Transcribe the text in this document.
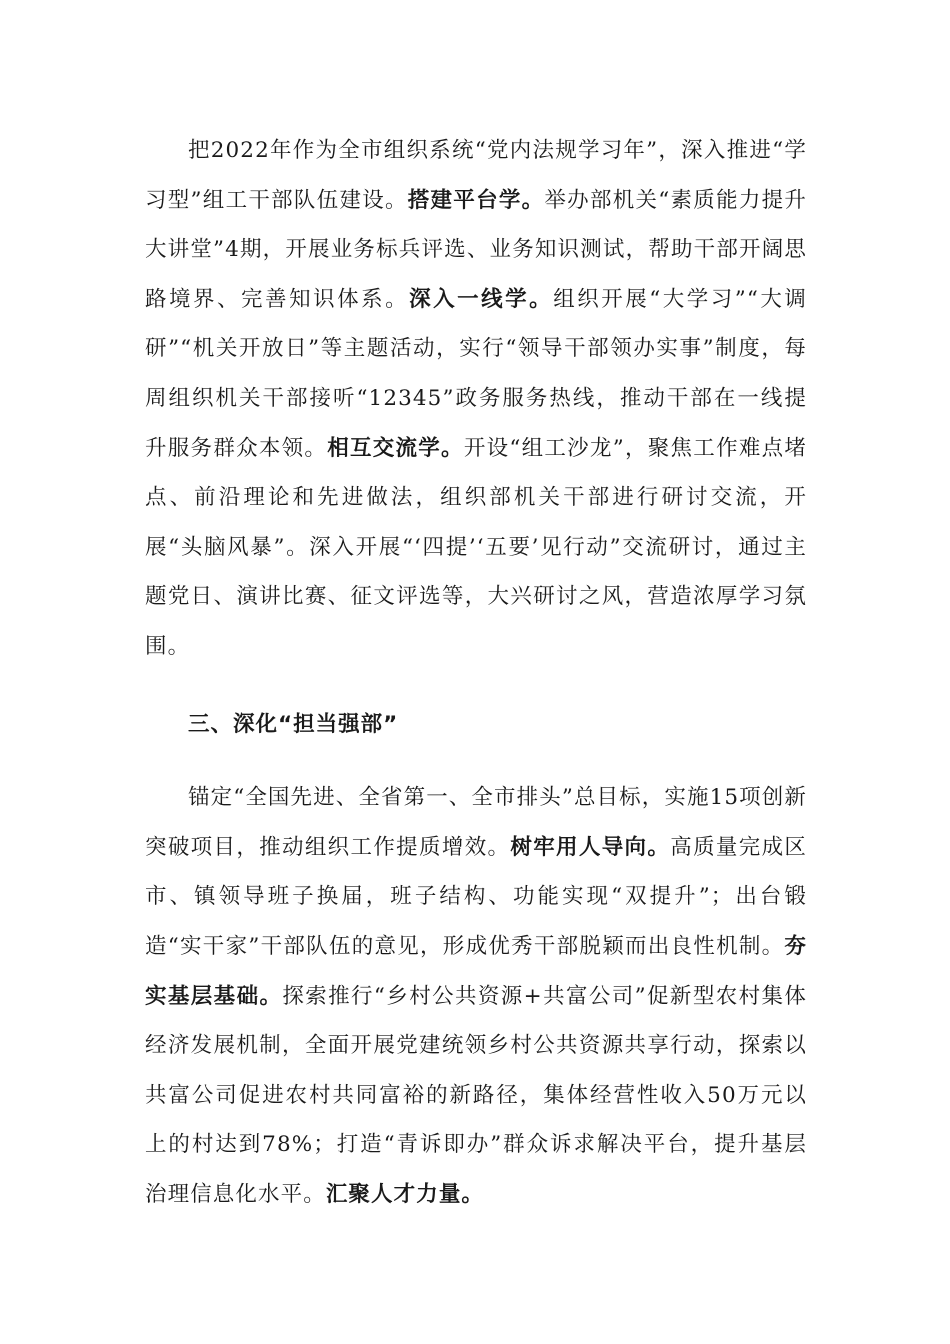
把2022年作为全市组织系统“党内法规学习年”，深入推进“学习型”组工干部队伍建设。搭建平台学。举办部机关“素质能力提升大讲堂”4期，开展业务标兵评选、业务知识测试，帮助干部开阔思路境界、完善知识体系。深入一线学。组织开展“大学习”“大调研”“机关开放日”等主题活动，实行“领导干部领办实事”制度，每周组织机关干部接听“12345”政务服务热线，推动干部在一线提升服务群众本领。相互交流学。开设“组工沙龙”，聚焦工作难点堵点、前沿理论和先进做法，组织部机关干部进行研讨交流，开展“头脑风暴”。深入开展“‘四提’‘五要’见行动”交流研讨，通过主题党日、演讲比赛、征文评选等，大兴研讨之风，营造浓厚学习氛围。

三、深化“担当强部”

锚定“全国先进、全省第一、全市排头”总目标，实施15项创新突破项目，推动组织工作提质增效。树牢用人导向。高质量完成区市、镇领导班子换届，班子结构、功能实现“双提升”；出台锻造“实干家”干部队伍的意见，形成优秀干部脱颖而出良性机制。夯实基层基础。探索推行“乡村公共资源+共富公司”促新型农村集体经济发展机制，全面开展党建统领乡村公共资源共享行动，探索以共富公司促进农村共同富裕的新路径，集体经营性收入50万元以上的村达到78%；打造“青诉即办”群众诉求解决平台，提升基层治理信息化水平。汇聚人才力量。
